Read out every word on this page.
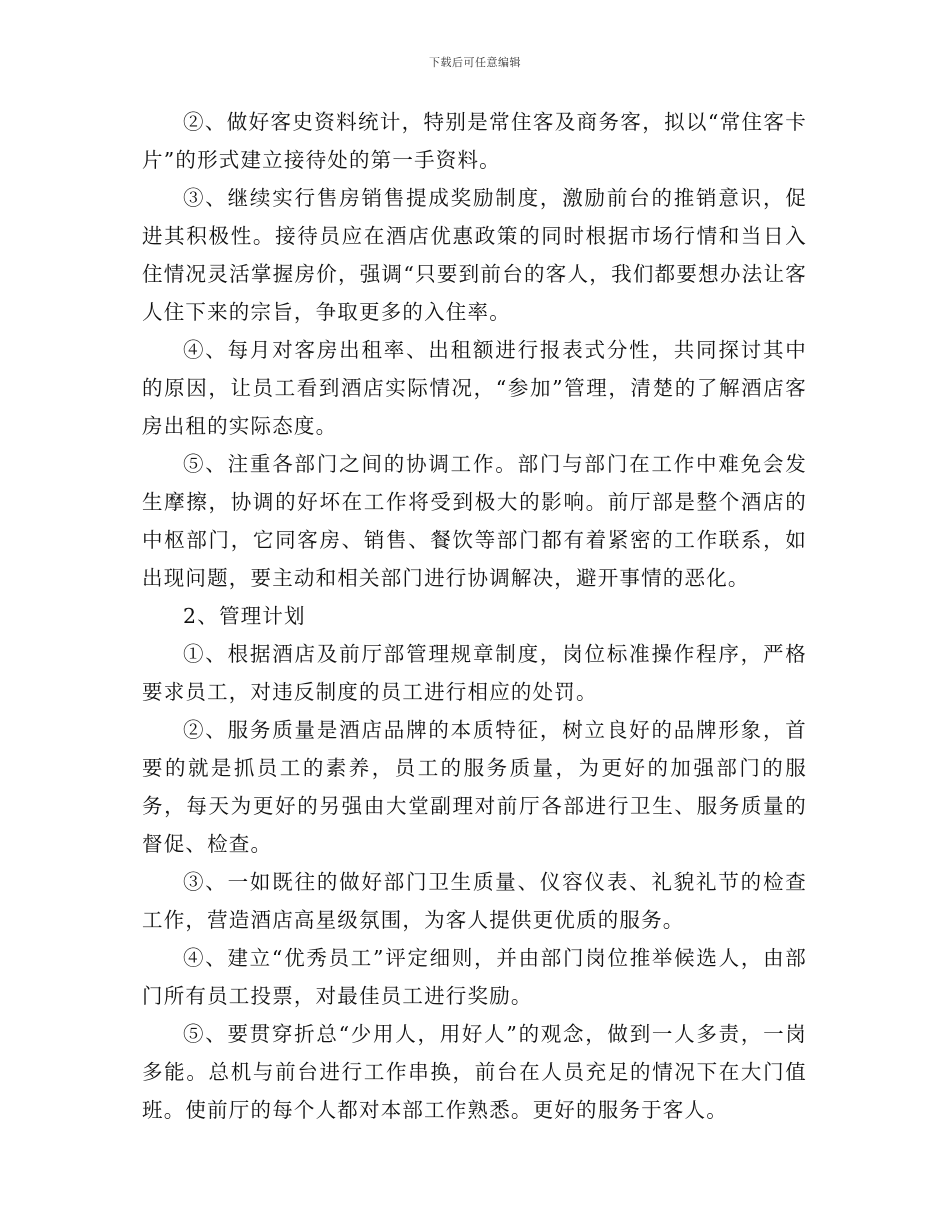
下载后可任意编辑

②、做好客史资料统计，特别是常住客及商务客，拟以“常住客卡片”的形式建立接待处的第一手资料。

③、继续实行售房销售提成奖励制度，激励前台的推销意识，促进其积极性。接待员应在酒店优惠政策的同时根据市场行情和当日入住情况灵活掌握房价，强调“只要到前台的客人，我们都要想办法让客人住下来的宗旨，争取更多的入住率。

④、每月对客房出租率、出租额进行报表式分性，共同探讨其中的原因，让员工看到酒店实际情况，“参加”管理，清楚的了解酒店客房出租的实际态度。

⑤、注重各部门之间的协调工作。部门与部门在工作中难免会发生摩擦，协调的好坏在工作将受到极大的影响。前厅部是整个酒店的中枢部门，它同客房、销售、餐饮等部门都有着紧密的工作联系，如出现问题，要主动和相关部门进行协调解决，避开事情的恶化。

2、管理计划

①、根据酒店及前厅部管理规章制度，岗位标准操作程序，严格要求员工，对违反制度的员工进行相应的处罚。

②、服务质量是酒店品牌的本质特征，树立良好的品牌形象，首要的就是抓员工的素养，员工的服务质量，为更好的加强部门的服务，每天为更好的另强由大堂副理对前厅各部进行卫生、服务质量的督促、检查。

③、一如既往的做好部门卫生质量、仪容仪表、礼貌礼节的检查工作，营造酒店高星级氛围，为客人提供更优质的服务。

④、建立“优秀员工”评定细则，并由部门岗位推举候选人，由部门所有员工投票，对最佳员工进行奖励。

⑤、要贯穿折总“少用人，用好人”的观念，做到一人多责，一岗多能。总机与前台进行工作串换，前台在人员充足的情况下在大门值班。使前厅的每个人都对本部工作熟悉。更好的服务于客人。
